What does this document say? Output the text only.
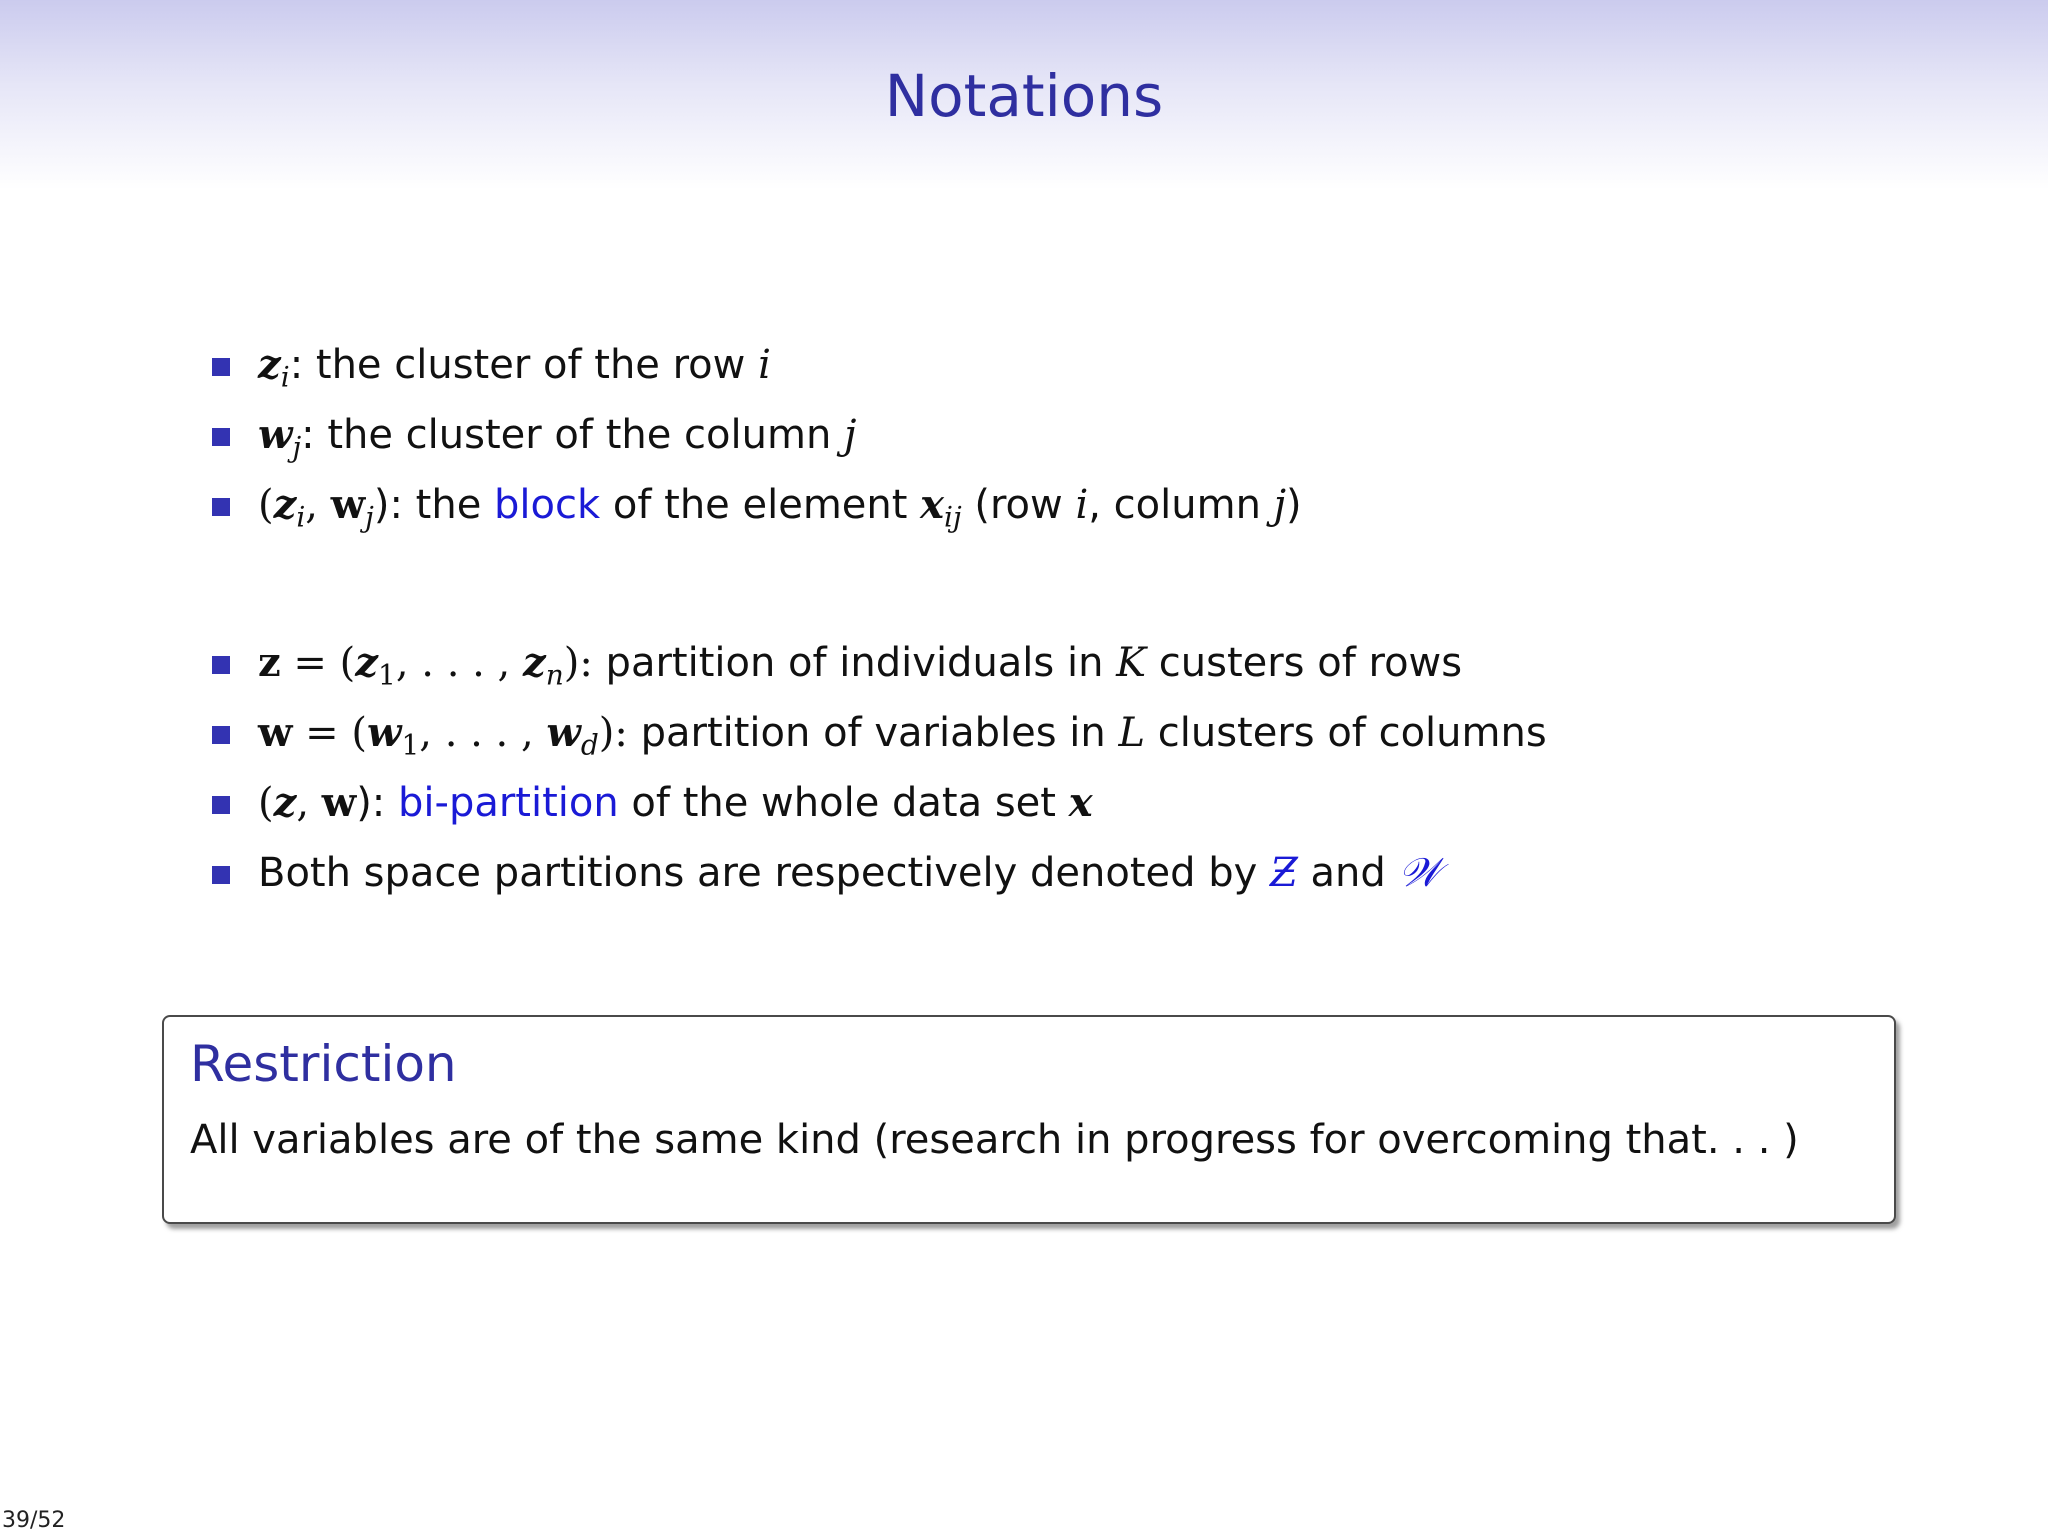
Notations
$z_i$: the cluster of the row i
$w_j$: the cluster of the column j
($z_i$, $w_j$): the block of the element $x_{ij}$ (row i, column j)
$z = (z_1$, . . . , $z_n$): partition of individuals in K custers of rows
$w = (w_1$, . . . , $w_d$): partition of variables in L clusters of columns
(z, w): bi-partition of the whole data set x
Both space partitions are respectively denoted by Ƶ and 𝒲
Restriction
All variables are of the same kind (research in progress for overcoming that. . . )
39/52
